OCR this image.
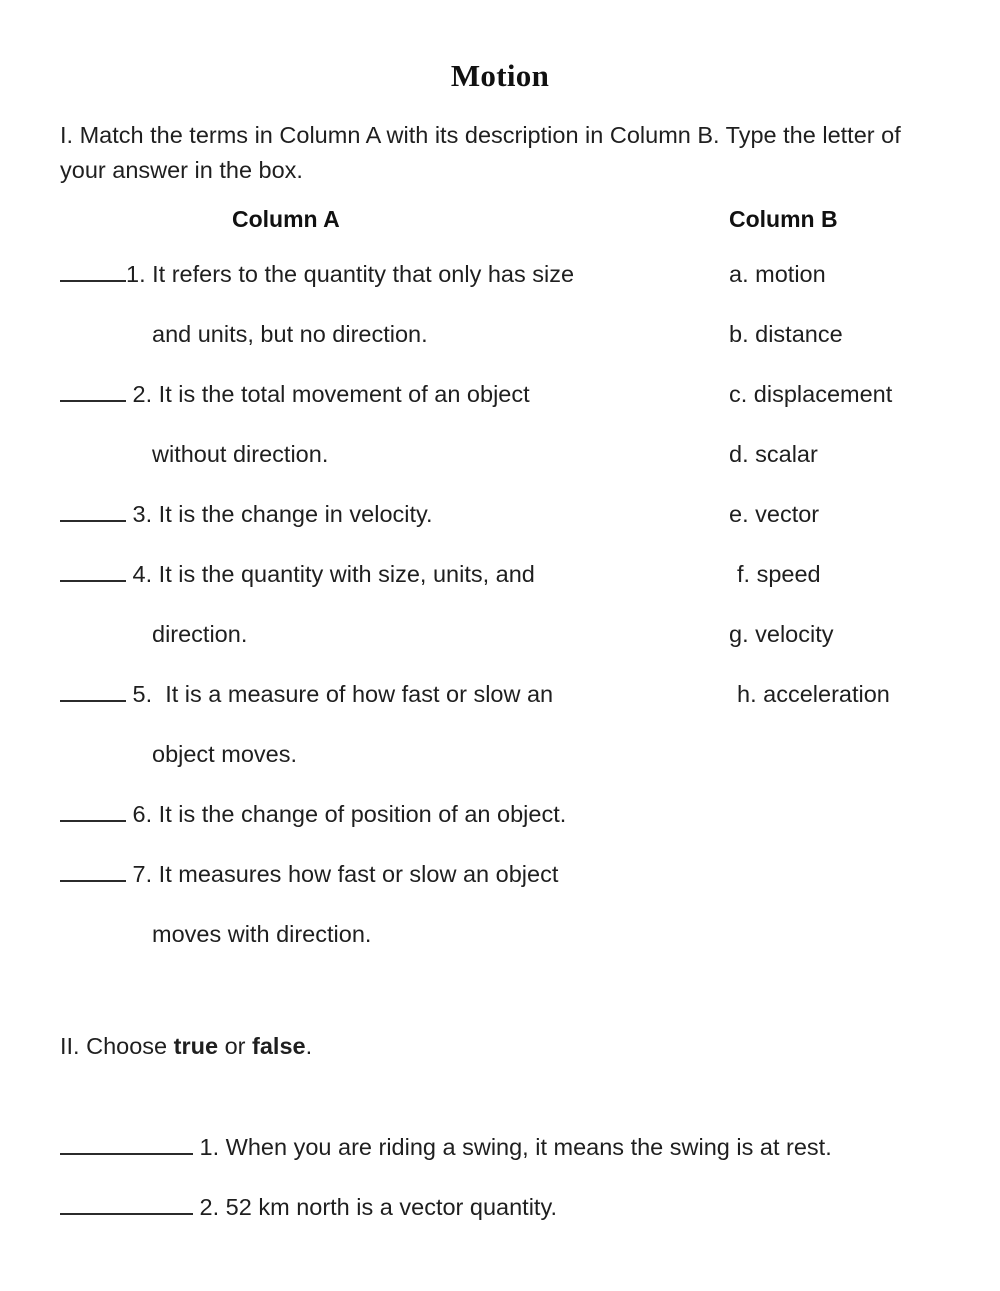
Motion
I. Match the terms in Column A with its description in Column B. Type the letter of your answer in the box.
Column A	Column B
1. It refers to the quantity that only has size
and units, but no direction.
2. It is the total movement of an object
without direction.
3. It is the change in velocity.
4. It is the quantity with size, units, and
direction.
5.  It is a measure of how fast or slow an
object moves.
6. It is the change of position of an object.
7. It measures how fast or slow an object
moves with direction.
a. motion
b. distance
c. displacement
d. scalar
e. vector
f. speed
g. velocity
h. acceleration
II. Choose true or false.
1. When you are riding a swing, it means the swing is at rest.
2. 52 km north is a vector quantity.
